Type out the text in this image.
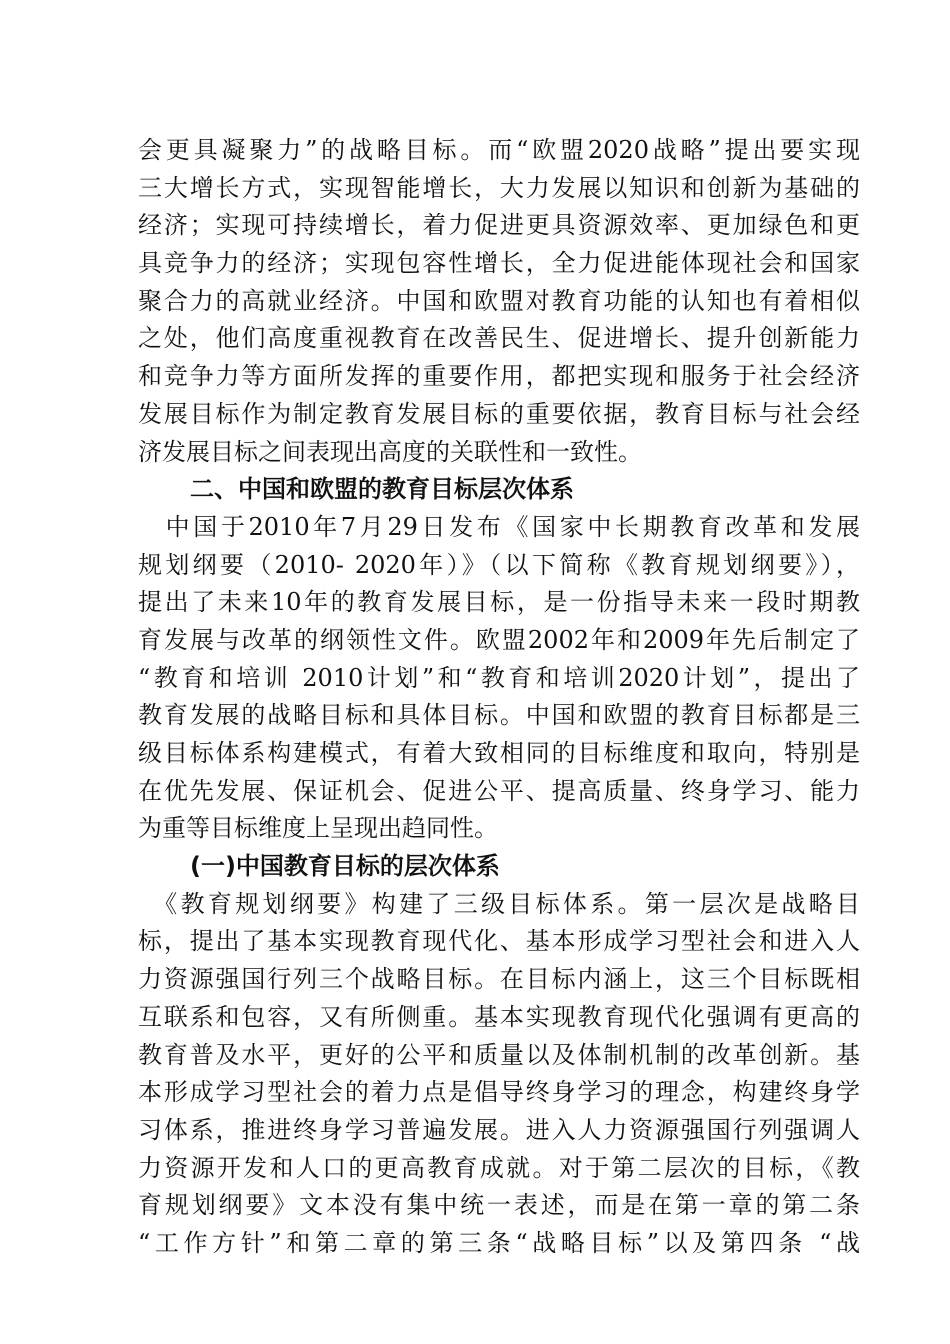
会更具凝聚力”的战略目标。而“欧盟2020战略”提出要实现
三大增长方式，实现智能增长，大力发展以知识和创新为基础的
经济；实现可持续增长，着力促进更具资源效率、更加绿色和更
具竞争力的经济；实现包容性增长，全力促进能体现社会和国家
聚合力的高就业经济。中国和欧盟对教育功能的认知也有着相似
之处，他们高度重视教育在改善民生、促进增长、提升创新能力
和竞争力等方面所发挥的重要作用，都把实现和服务于社会经济
发展目标作为制定教育发展目标的重要依据，教育目标与社会经
济发展目标之间表现出高度的关联性和一致性。
二、中国和欧盟的教育目标层次体系
　中国于2010年7月29日发布《国家中长期教育改革和发展
规划纲要（2010- 2020年）》（以下简称《教育规划纲要》），
提出了未来10年的教育发展目标，是一份指导未来一段时期教
育发展与改革的纲领性文件。欧盟2002年和2009年先后制定了
“教育和培训 2010计划”和“教育和培训2020计划”，提出了
教育发展的战略目标和具体目标。中国和欧盟的教育目标都是三
级目标体系构建模式，有着大致相同的目标维度和取向，特别是
在优先发展、保证机会、促进公平、提高质量、终身学习、能力
为重等目标维度上呈现出趋同性。
(一)中国教育目标的层次体系
　《教育规划纲要》构建了三级目标体系。第一层次是战略目
标，提出了基本实现教育现代化、基本形成学习型社会和进入人
力资源强国行列三个战略目标。在目标内涵上，这三个目标既相
互联系和包容，又有所侧重。基本实现教育现代化强调有更高的
教育普及水平，更好的公平和质量以及体制机制的改革创新。基
本形成学习型社会的着力点是倡导终身学习的理念，构建终身学
习体系，推进终身学习普遍发展。进入人力资源强国行列强调人
力资源开发和人口的更高教育成就。对于第二层次的目标，《教
育规划纲要》文本没有集中统一表述，而是在第一章的第二条
“工作方针”和第二章的第三条“战略目标”以及第四条 “战
